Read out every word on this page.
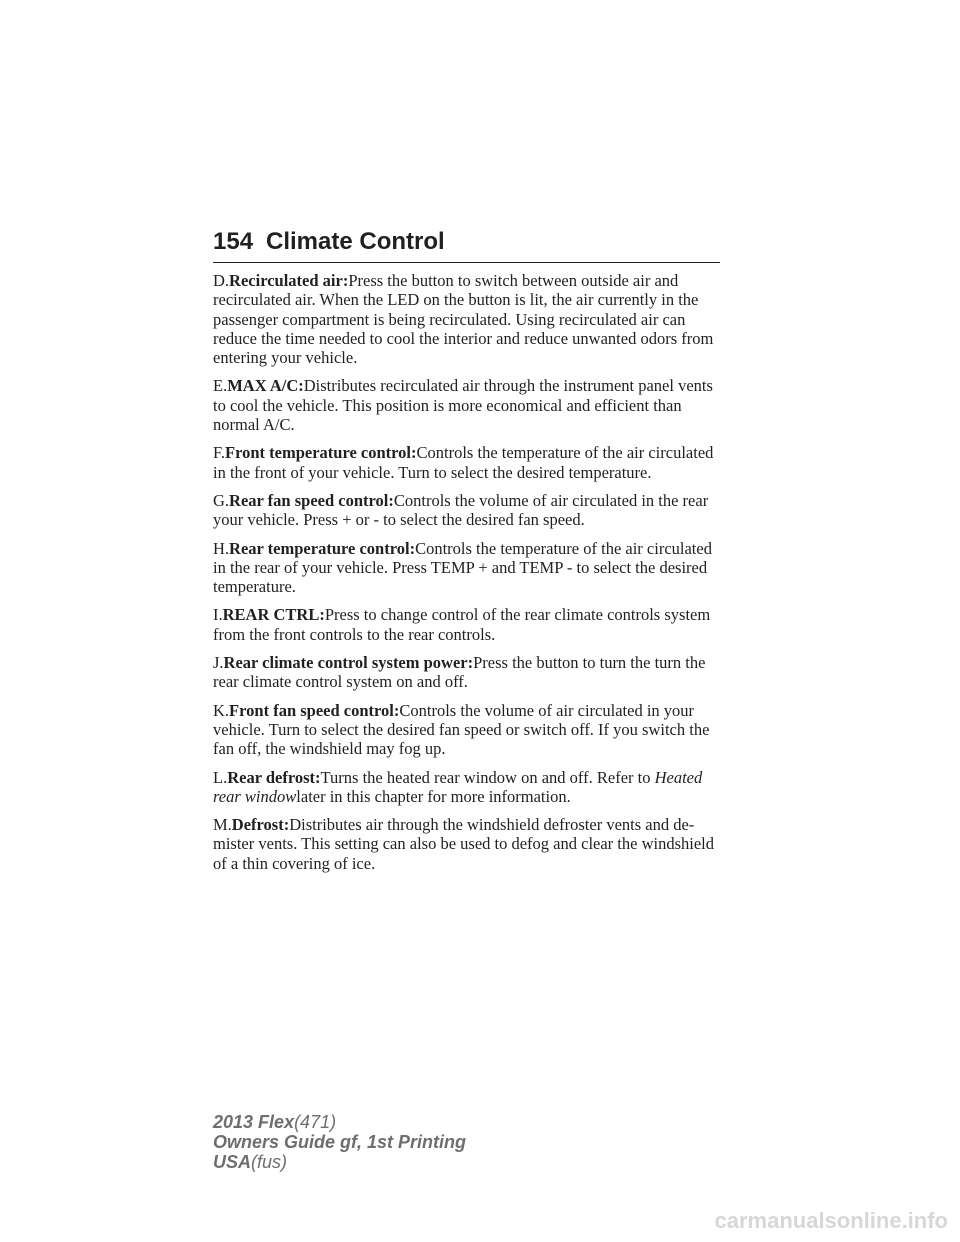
154 Climate Control

D.Recirculated air:Press the button to switch between outside air and recirculated air. When the LED on the button is lit, the air currently in the passenger compartment is being recirculated. Using recirculated air can reduce the time needed to cool the interior and reduce unwanted odors from entering your vehicle.

E.MAX A/C:Distributes recirculated air through the instrument panel vents to cool the vehicle. This position is more economical and efficient than normal A/C.

F.Front temperature control:Controls the temperature of the air circulated in the front of your vehicle. Turn to select the desired temperature.

G.Rear fan speed control:Controls the volume of air circulated in the rear your vehicle. Press + or - to select the desired fan speed.

H.Rear temperature control:Controls the temperature of the air circulated in the rear of your vehicle. Press TEMP + and TEMP - to select the desired temperature.

I.REAR CTRL:Press to change control of the rear climate controls system from the front controls to the rear controls.

J.Rear climate control system power:Press the button to turn the turn the rear climate control system on and off.

K.Front fan speed control:Controls the volume of air circulated in your vehicle. Turn to select the desired fan speed or switch off. If you switch the fan off, the windshield may fog up.

L.Rear defrost:Turns the heated rear window on and off. Refer to Heated rear windowlater in this chapter for more information.

M.Defrost:Distributes air through the windshield defroster vents and de-mister vents. This setting can also be used to defog and clear the windshield of a thin covering of ice.

2013 Flex(471)
Owners Guide gf, 1st Printing
USA(fus)
carmanualsonline.info
